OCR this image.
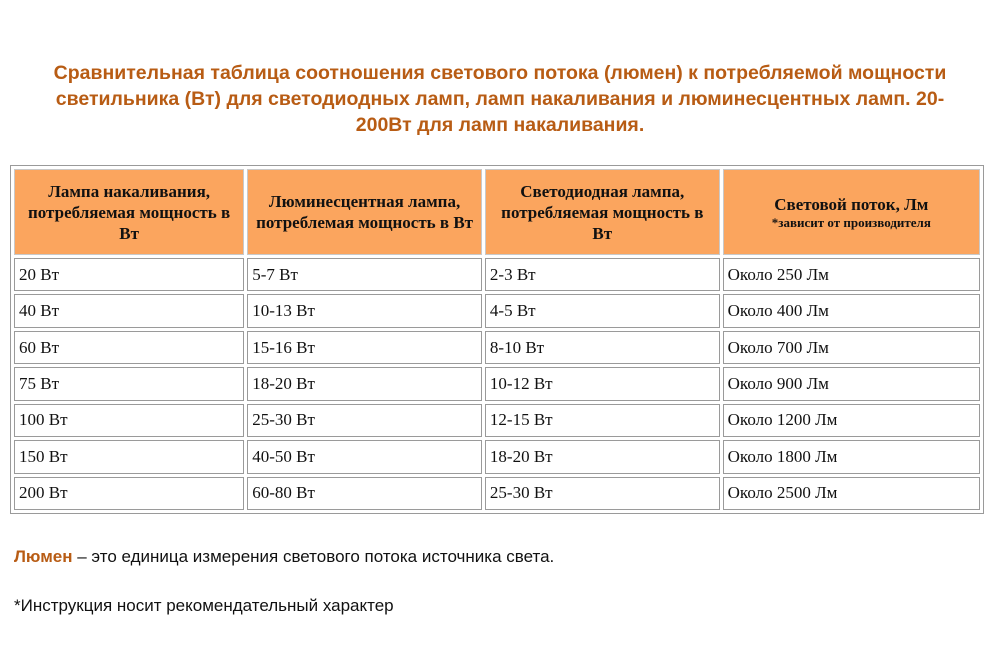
Сравнительная таблица соотношения светового потока (люмен) к потребляемой мощности светильника (Вт) для светодиодных ламп, ламп накаливания и люминесцентных ламп. 20-200Вт для ламп накаливания.
Лампа накаливания, потребляемая мощность в Вт	Люминесцентная лампа, потреблемая мощность в Вт	Светодиодная лампа, потребляемая мощность в Вт	Световой поток, Лм
*зависит от производителя

20 Вт	5-7 Вт	2-3 Вт	Около 250 Лм
40 Вт	10-13 Вт	4-5 Вт	Около 400 Лм
60 Вт	15-16 Вт	8-10 Вт	Около 700 Лм
75 Вт	18-20 Вт	10-12 Вт	Около 900 Лм
100 Вт	25-30 Вт	12-15 Вт	Около 1200 Лм
150 Вт	40-50 Вт	18-20 Вт	Около 1800 Лм
200 Вт	60-80 Вт	25-30 Вт	Около 2500 Лм
Люмен – это единица измерения светового потока источника света.
*Инструкция носит рекомендательный характер
